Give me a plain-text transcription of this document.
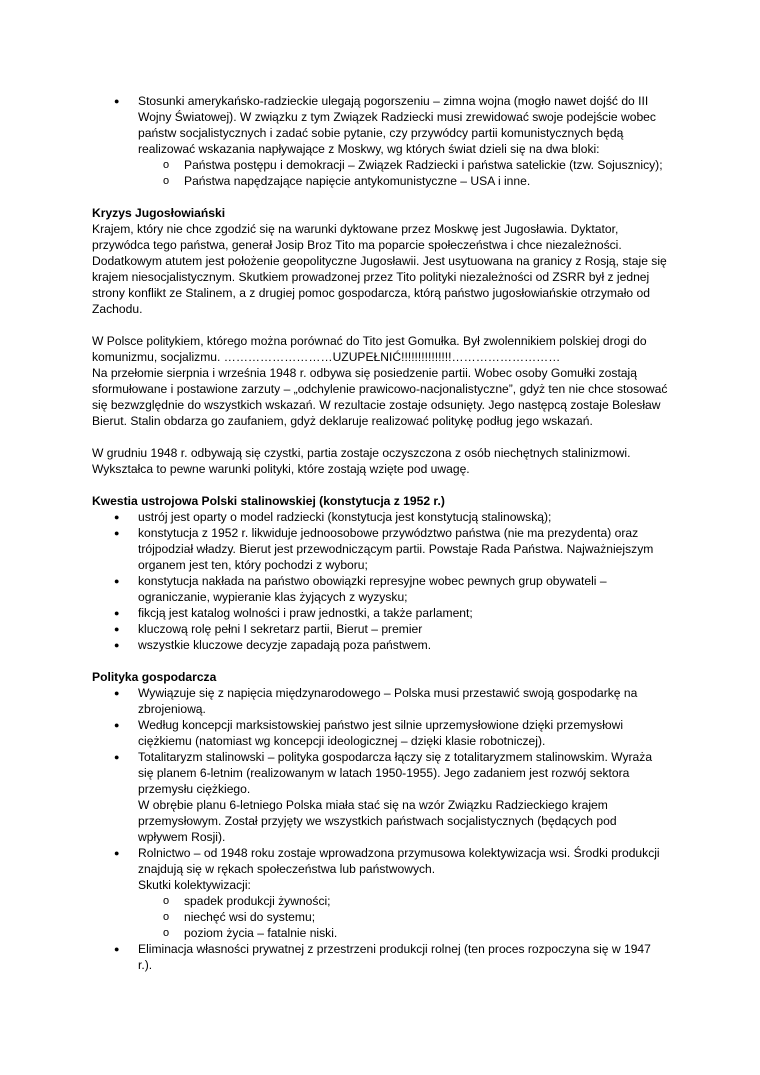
● Stosunki amerykańsko-radzieckie ulegają pogorszeniu – zimna wojna (mogło nawet dojść do III Wojny Światowej). W związku z tym Związek Radziecki musi zrewidować swoje podejście wobec państw socjalistycznych i zadać sobie pytanie, czy przywódcy partii komunistycznych będą realizować wskazania napływające z Moskwy, wg których świat dzieli się na dwa bloki:

o Państwa postępu i demokracji – Związek Radziecki i państwa satelickie (tzw. Sojusznicy);
o Państwa napędzające napięcie antykomunistyczne – USA i inne.

Kryzys Jugosłowiański

Krajem, który nie chce zgodzić się na warunki dyktowane przez Moskwę jest Jugosławia. Dyktator, przywódca tego państwa, generał Josip Broz Tito ma poparcie społeczeństwa i chce niezależności. Dodatkowym atutem jest położenie geopolityczne Jugosławii. Jest usytuowana na granicy z Rosją, staje się krajem niesocjalistycznym. Skutkiem prowadzonej przez Tito polityki niezależności od ZSRR był z jednej strony konflikt ze Stalinem, a z drugiej pomoc gospodarcza, którą państwo jugosłowiańskie otrzymało od Zachodu.

W Polsce politykiem, którego można porównać do Tito jest Gomułka. Był zwolennikiem polskiej drogi do komunizmu, socjalizmu. ………………………UZUPEŁNIĆ!!!!!!!!!!!!!!!………………………

Na przełomie sierpnia i września 1948 r. odbywa się posiedzenie partii. Wobec osoby Gomułki zostają sformułowane i postawione zarzuty – „odchylenie prawicowo-nacjonalistyczne”, gdyż ten nie chce stosować się bezwzględnie do wszystkich wskazań. W rezultacie zostaje odsunięty. Jego następcą zostaje Bolesław Bierut. Stalin obdarza go zaufaniem, gdyż deklaruje realizować politykę podług jego wskazań.

W grudniu 1948 r. odbywają się czystki, partia zostaje oczyszczona z osób niechętnych stalinizmowi. Wykształca to pewne warunki polityki, które zostają wzięte pod uwagę.

Kwestia ustrojowa Polski stalinowskiej (konstytucja z 1952 r.)

● ustrój jest oparty o model radziecki (konstytucja jest konstytucją stalinowską);
● konstytucja z 1952 r. likwiduje jednoosobowe przywództwo państwa (nie ma prezydenta) oraz trójpodział władzy. Bierut jest przewodniczącym partii. Powstaje Rada Państwa. Najważniejszym organem jest ten, który pochodzi z wyboru;
● konstytucja nakłada na państwo obowiązki represyjne wobec pewnych grup obywateli – ograniczanie, wypieranie klas żyjących z wyzysku;
● fikcją jest katalog wolności i praw jednostki, a także parlament;
● kluczową rolę pełni I sekretarz partii, Bierut – premier
● wszystkie kluczowe decyzje zapadają poza państwem.

Polityka gospodarcza

● Wywiązuje się z napięcia międzynarodowego – Polska musi przestawić swoją gospodarkę na zbrojeniową.
● Według koncepcji marksistowskiej państwo jest silnie uprzemysłowione dzięki przemysłowi ciężkiemu (natomiast wg koncepcji ideologicznej – dzięki klasie robotniczej).

● Totalitaryzm stalinowski – polityka gospodarcza łączy się z totalitaryzmem stalinowskim. Wyraża się planem 6-letnim (realizowanym w latach 1950-1955). Jego zadaniem jest rozwój sektora przemysłu ciężkiego.

W obrębie planu 6-letniego Polska miała stać się na wzór Związku Radzieckiego krajem przemysłowym. Został przyjęty we wszystkich państwach socjalistycznych (będących pod wpływem Rosji).

● Rolnictwo – od 1948 roku zostaje wprowadzona przymusowa kolektywizacja wsi. Środki produkcji znajdują się w rękach społeczeństwa lub państwowych.

Skutki kolektywizacji:

o spadek produkcji żywności;
o niechęć wsi do systemu;
o poziom życia – fatalnie niski.
● Eliminacja własności prywatnej z przestrzeni produkcji rolnej (ten proces rozpoczyna się w 1947 r.).
